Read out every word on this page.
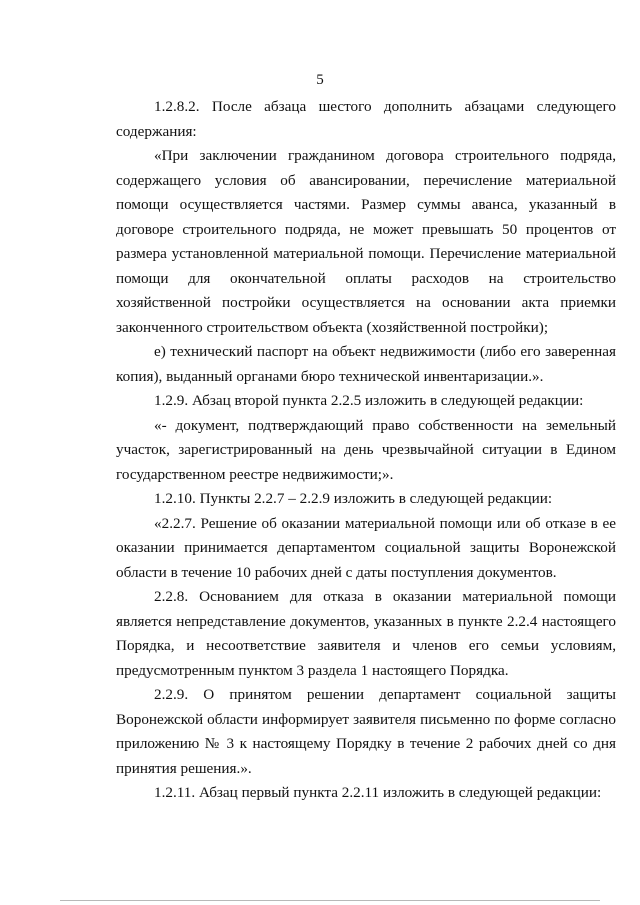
5

1.2.8.2. После абзаца шестого дополнить абзацами следующего содержания:

«При заключении гражданином договора строительного подряда, содержащего условия об авансировании, перечисление материальной помощи осуществляется частями. Размер суммы аванса, указанный в договоре строительного подряда, не может превышать 50 процентов от размера установленной материальной помощи. Перечисление материальной помощи для окончательной оплаты расходов на строительство хозяйственной постройки осуществляется на основании акта приемки законченного строительством объекта (хозяйственной постройки);

е) технический паспорт на объект недвижимости (либо его заверенная копия), выданный органами бюро технической инвентаризации.».

1.2.9. Абзац второй пункта 2.2.5 изложить в следующей редакции:

«- документ, подтверждающий право собственности на земельный участок, зарегистрированный на день чрезвычайной ситуации в Едином государственном реестре недвижимости;».

1.2.10. Пункты 2.2.7 – 2.2.9 изложить в следующей редакции:

«2.2.7. Решение об оказании материальной помощи или об отказе в ее оказании принимается департаментом социальной защиты Воронежской области в течение 10 рабочих дней с даты поступления документов.

2.2.8. Основанием для отказа в оказании материальной помощи является непредставление документов, указанных в пункте 2.2.4 настоящего Порядка, и несоответствие заявителя и членов его семьи условиям, предусмотренным пунктом 3 раздела 1 настоящего Порядка.

2.2.9. О принятом решении департамент социальной защиты Воронежской области информирует заявителя письменно по форме согласно приложению № 3 к настоящему Порядку в течение 2 рабочих дней со дня принятия решения.».

1.2.11. Абзац первый пункта 2.2.11 изложить в следующей редакции:
